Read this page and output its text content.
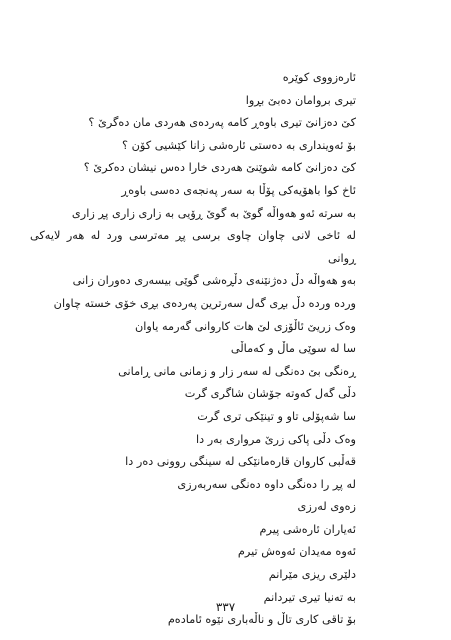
ئارەزووی کوێرە
تیری بروامان دەبێ بڕوا
کێ دەزانێ تیری باوەڕ کامە پەردەی هەردی مان دەگرێ ؟
بۆ ئەوینداری بە دەستی ئارەشی زانا کێشیی کۆن ؟
کێ دەزانێ کامە شوێنێ هەردی خارا دەس نیشان دەکرێ ؟
ئاخ کوا باهۆیەکی پۆڵا بە سەر پەنجەی دەسی باوەڕ
بە سرتە ئەو هەواڵە گوێ بە گوێ ڕۆیی بە زاری زاری پڕ زاری
لە ئاخی لانی چاوان چاوی برسی پڕ مەترسی ورد لە هەر لایەکی
ڕوانی
بەو هەواڵە دڵ دەژنێنەی دڵڕەشی گوێی بیسەری دەوران زانی
ورده ورده دڵ بڕی گەل سەرترین پەردەی بڕی خۆی خستە چاوان
وەک زریێ ئاڵۆزی لێ هات کاروانی گەرمە یاوان
سا لە سوێی ماڵ و کەماڵی
ڕەنگی بێ دەنگی لە سەر زار و زمانی مانی ڕامانی
دڵی گەل کەوتە جۆشان شاگری گرت
سا شەپۆلی تاو و تینێکی تری گرت
وەک دڵی پاکی زرێ مرواری بەر دا
قەڵبی کاروان قارەمانێکی لە سینگی روونی دەر دا
لە پڕ را دەنگی داوە دەنگی سەربەرزی
زەوی لەرزی
ئەیاران ئارەشی پیرم
ئەوە مەیدان ئەوەش تیرم
دلێری ریزی مێرانم
بە تەنیا تیری تیردانم
بۆ تاقی کاری تاڵ و ناڵەباری نێوە ئامادەم
٣٣٧
